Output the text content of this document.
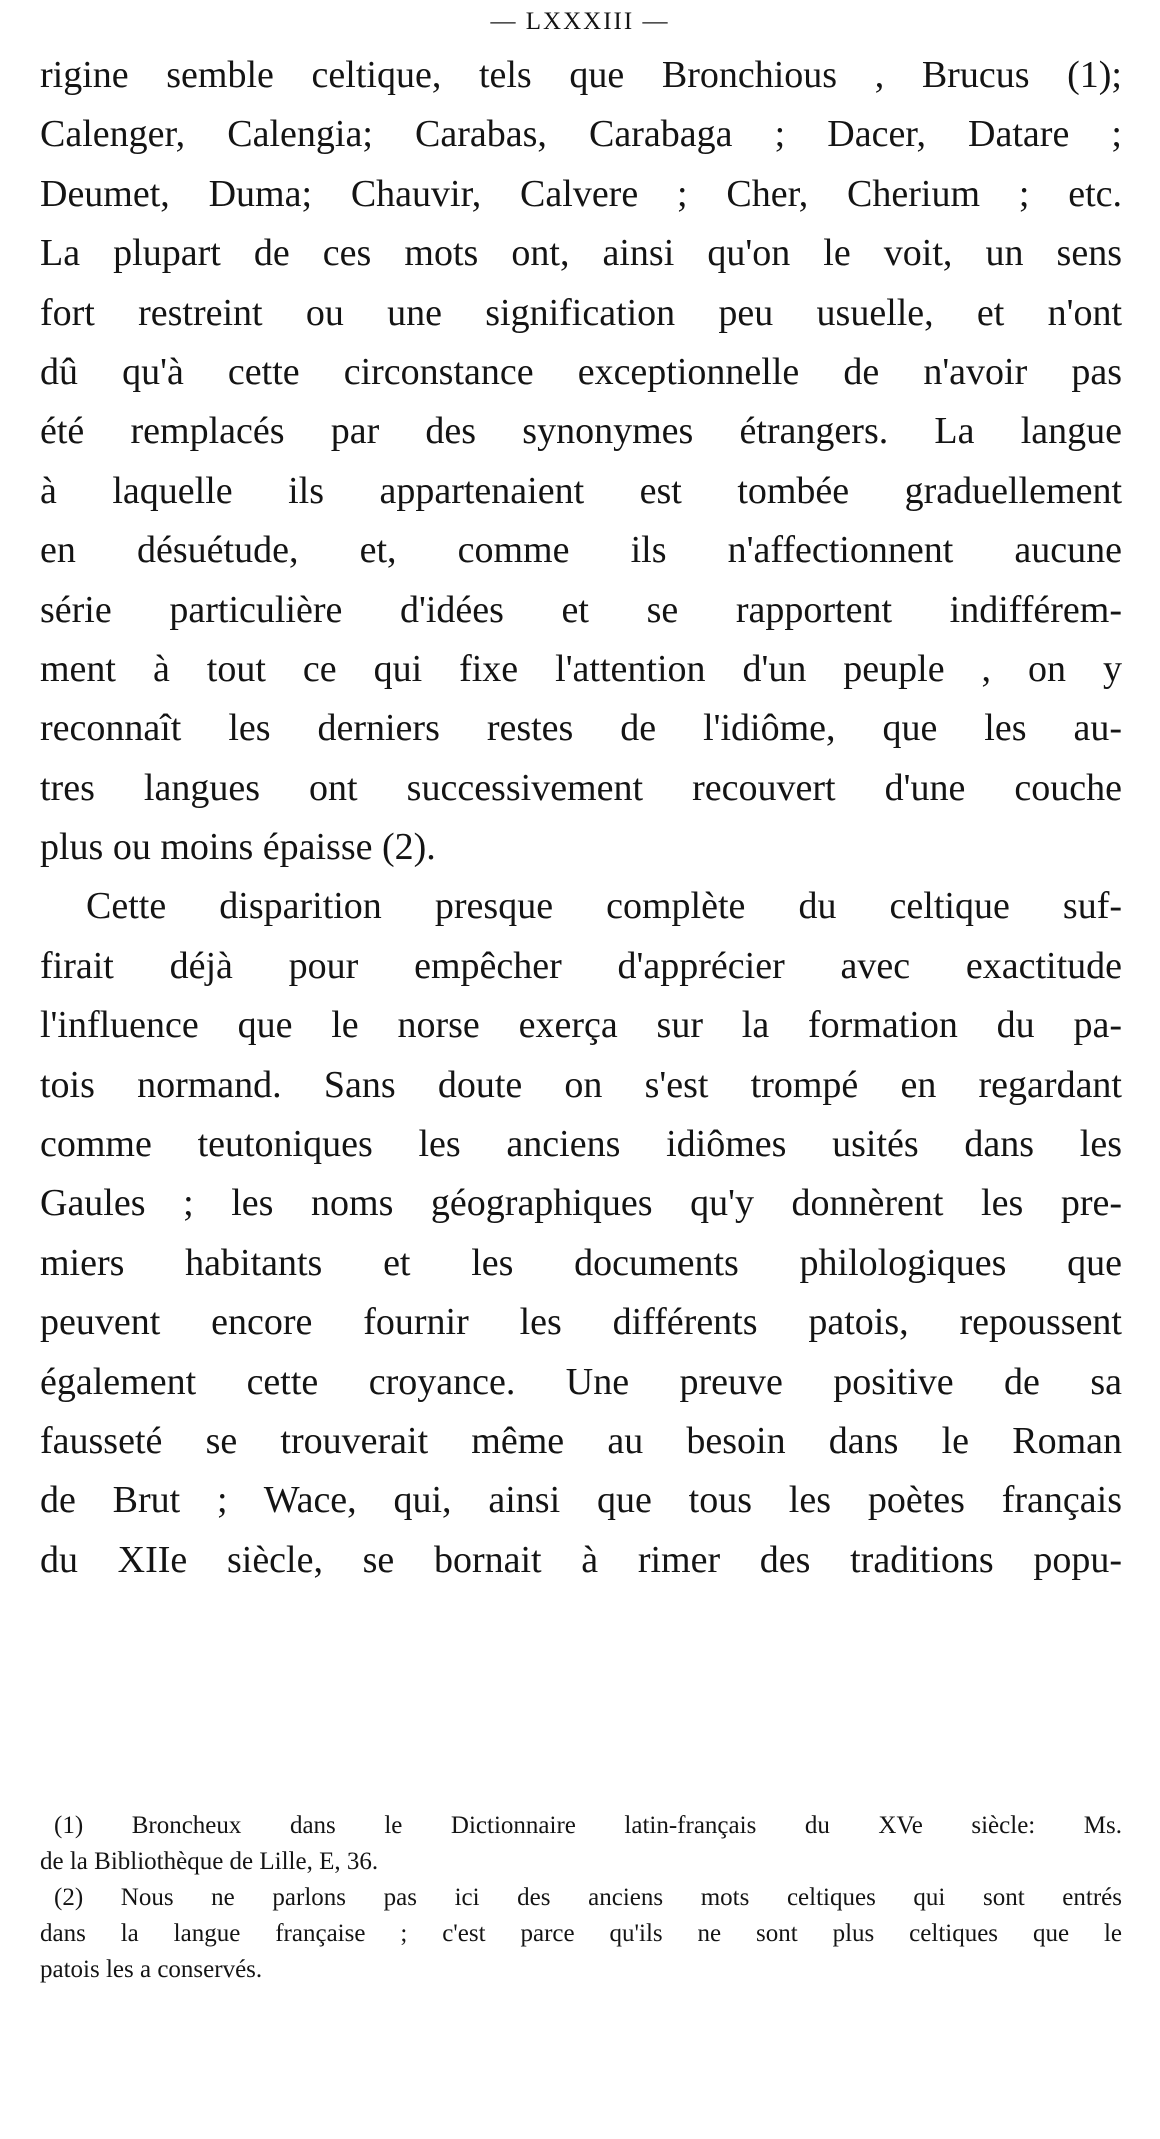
— LXXXIII —
rigine semble celtique, tels que Bronchious , Brucus (1);
Calenger, Calengia; Carabas, Carabaga ; Dacer, Datare ;
Deumet, Duma; Chauvir, Calvere ; Cher, Cherium ; etc.
La plupart de ces mots ont, ainsi qu'on le voit, un sens
fort restreint ou une signification peu usuelle, et n'ont
dû qu'à cette circonstance exceptionnelle de n'avoir pas
été remplacés par des synonymes étrangers. La langue
à laquelle ils appartenaient est tombée graduellement
en désuétude, et, comme ils n'affectionnent aucune
série particulière d'idées et se rapportent indifférem-
ment à tout ce qui fixe l'attention d'un peuple , on y
reconnaît les derniers restes de l'idiôme, que les au-
tres langues ont successivement recouvert d'une couche
plus ou moins épaisse (2).
Cette disparition presque complète du celtique suf-
firait déjà pour empêcher d'apprécier avec exactitude
l'influence que le norse exerça sur la formation du pa-
tois normand. Sans doute on s'est trompé en regardant
comme teutoniques les anciens idiômes usités dans les
Gaules ; les noms géographiques qu'y donnèrent les pre-
miers habitants et les documents philologiques que
peuvent encore fournir les différents patois, repoussent
également cette croyance. Une preuve positive de sa
fausseté se trouverait même au besoin dans le Roman
de Brut ; Wace, qui, ainsi que tous les poètes français
du XIIe siècle, se bornait à rimer des traditions popu-
(1) Broncheux dans le Dictionnaire latin-français du XVe siècle: Ms.
de la Bibliothèque de Lille, E, 36.
(2) Nous ne parlons pas ici des anciens mots celtiques qui sont entrés
dans la langue française ; c'est parce qu'ils ne sont plus celtiques que le
patois les a conservés.
